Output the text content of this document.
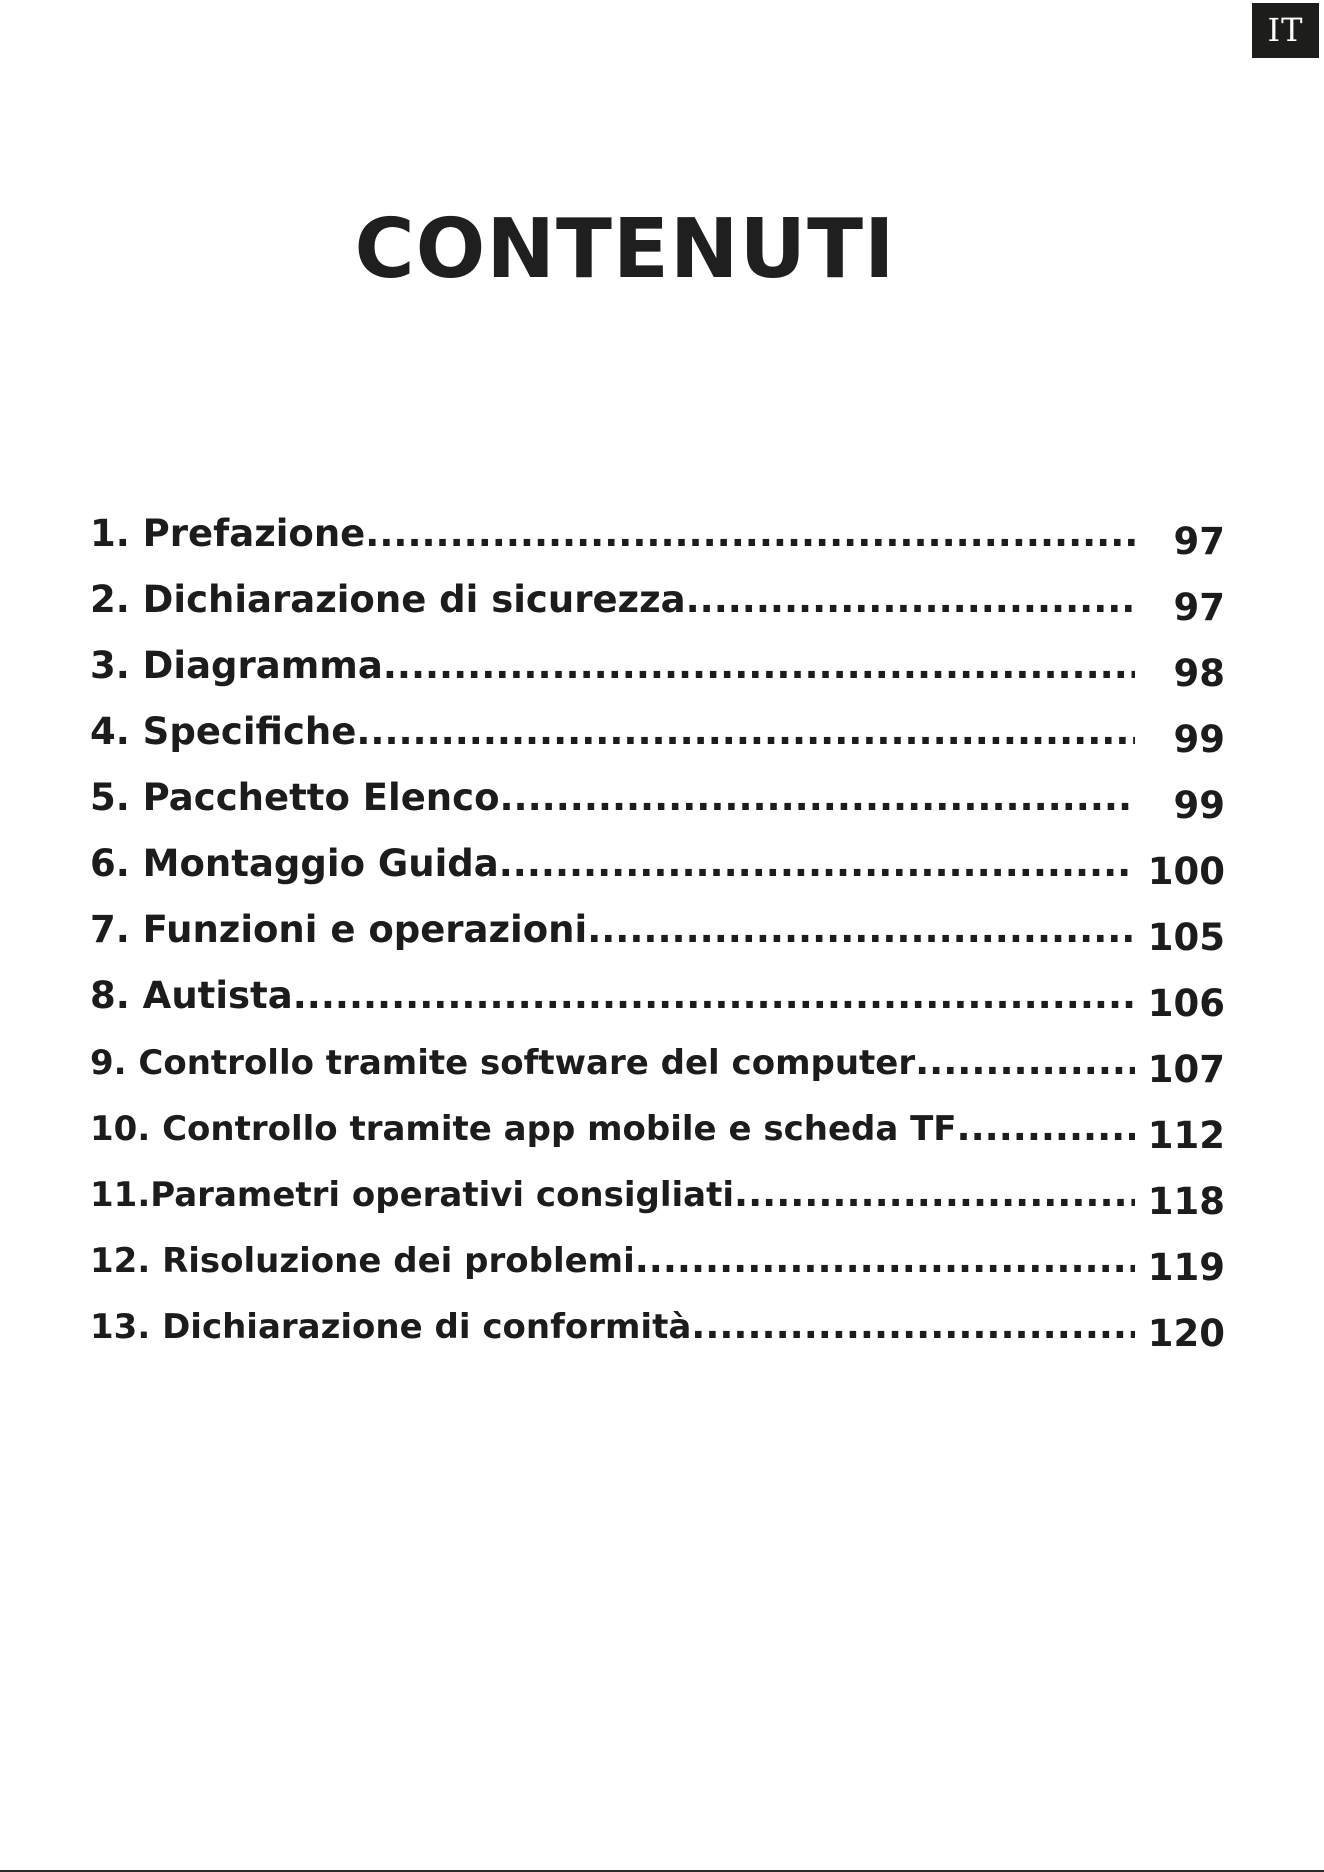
IT
CONTENUTI
1. Prefazione .....	97
2. Dichiarazione di sicurezza .....	97
3. Diagramma .....	98
4. Specifiche .....	99
5. Pacchetto Elenco .....	99
6. Montaggio Guida .....	100
7. Funzioni e operazioni .....	105
8. Autista .....	106
9. Controllo tramite software del computer .....	107
10. Controllo tramite app mobile e scheda TF .....	112
11.Parametri operativi consigliati .....	118
12. Risoluzione dei problemi .....	119
13. Dichiarazione di conformità .....	120
